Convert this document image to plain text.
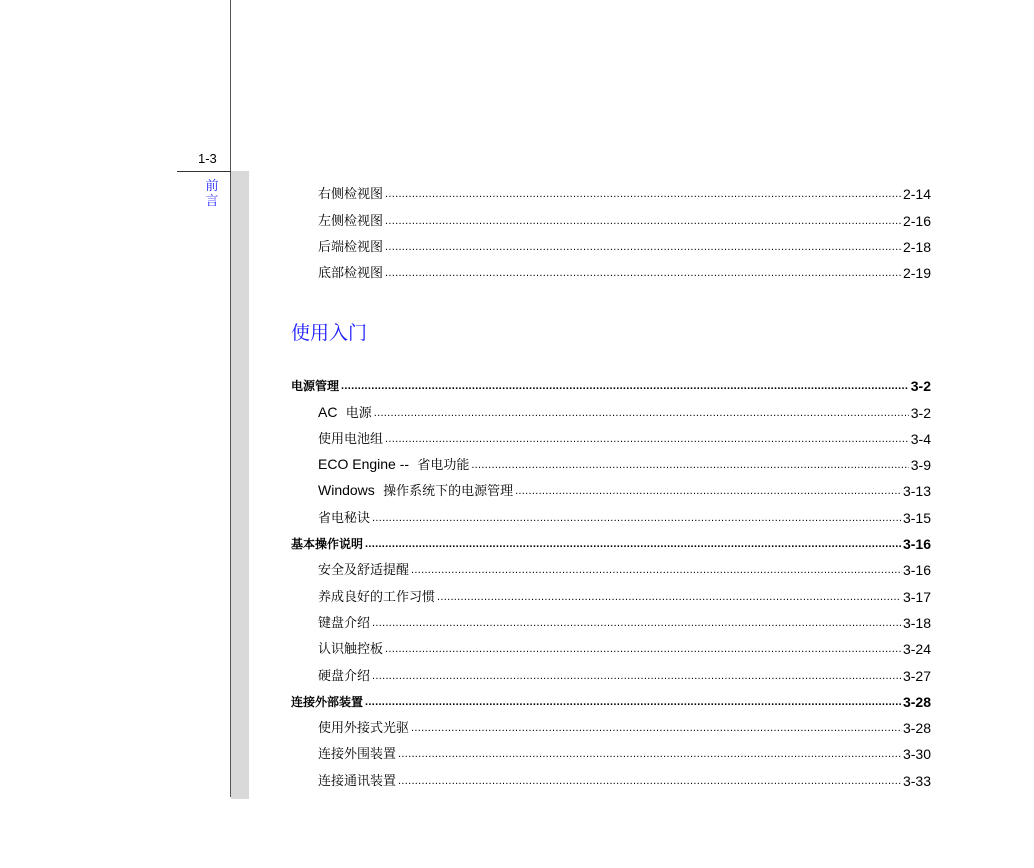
1-3
前言	右侧检视图 .....	2-14
左侧检视图 .....	2-16
后端检视图 .....	2-18
底部检视图 .....	2-19
使用入门
电源管理 .....	3-2
AC 电源 .....	3-2
使用电池组 .....	3-4
ECO Engine -- 省电功能 .....	3-9
Windows 操作系统下的电源管理 .....	3-13
省电秘诀 .....	3-15
基本操作说明 .....	3-16
安全及舒适提醒 .....	3-16
养成良好的工作习惯 .....	3-17
键盘介绍 .....	3-18
认识触控板 .....	3-24
硬盘介绍 .....	3-27
连接外部装置 .....	3-28
使用外接式光驱 .....	3-28
连接外围装置 .....	3-30
连接通讯装置 .....	3-33
